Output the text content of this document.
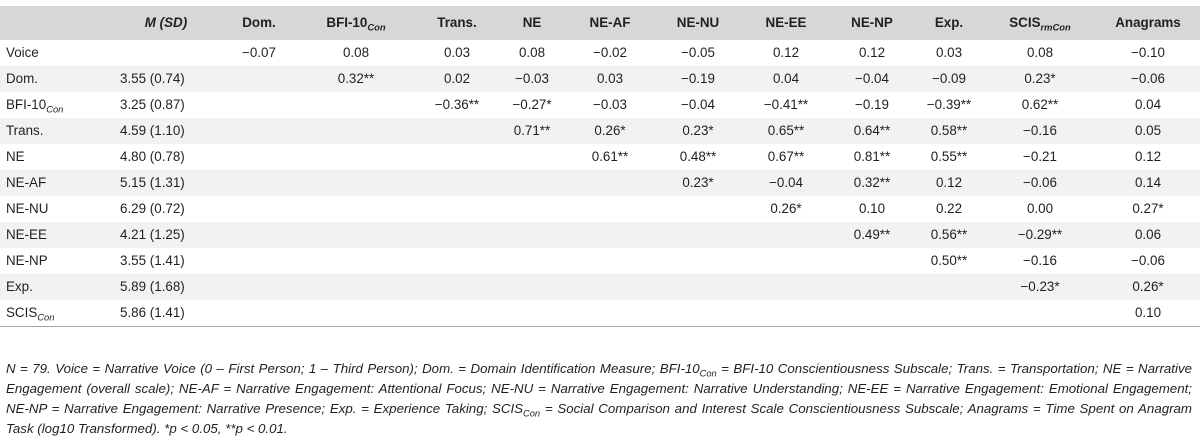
	M (SD)	Dom.	BFI-$10_{Con}$	Trans.	NE	NE-AF	NE-NU	NE-EE	NE-NP	Exp.	$SCIS_{rmCon}$	Anagrams
Voice		−0.07	0.08	0.03	0.08	−0.02	−0.05	0.12	0.12	0.03	0.08	−0.10
Dom.	3.55 (0.74)		0.32**	0.02	−0.03	0.03	−0.19	0.04	−0.04	−0.09	0.23*	−0.06
BFI-$10_{Con}$	3.25 (0.87)			−0.36**	−0.27*	−0.03	−0.04	−0.41**	−0.19	−0.39**	0.62**	0.04
Trans.	4.59 (1.10)				0.71**	0.26*	0.23*	0.65**	0.64**	0.58**	−0.16	0.05
NE	4.80 (0.78)					0.61**	0.48**	0.67**	0.81**	0.55**	−0.21	0.12
NE-AF	5.15 (1.31)						0.23*	−0.04	0.32**	0.12	−0.06	0.14
NE-NU	6.29 (0.72)							0.26*	0.10	0.22	0.00	0.27*
NE-EE	4.21 (1.25)								0.49**	0.56**	−0.29**	0.06
NE-NP	3.55 (1.41)									0.50**	−0.16	−0.06
Exp.	5.89 (1.68)										−0.23*	0.26*
$SCIS_{Con}$	5.86 (1.41)											0.10
N = 79. Voice = Narrative Voice (0 – First Person; 1 – Third Person); Dom. = Domain Identification Measure; BFI-$10_{Con} = BFI-10$ Conscientiousness Subscale; Trans. = Transportation; NE = Narrative Engagement (overall scale); NE-AF = Narrative Engagement: Attentional Focus; NE-NU = Narrative Engagement: Narrative Understanding; NE-EE = Narrative Engagement: Emotional Engagement; NE-NP = Narrative Engagement: Narrative Presence; Exp. = Experience Taking; $SCIS_{Con}$ = Social Comparison and Interest Scale Conscientiousness Subscale; Anagrams = Time Spent on Anagram Task (log10 Transformed). *p < 0.05, **p < 0.01.
